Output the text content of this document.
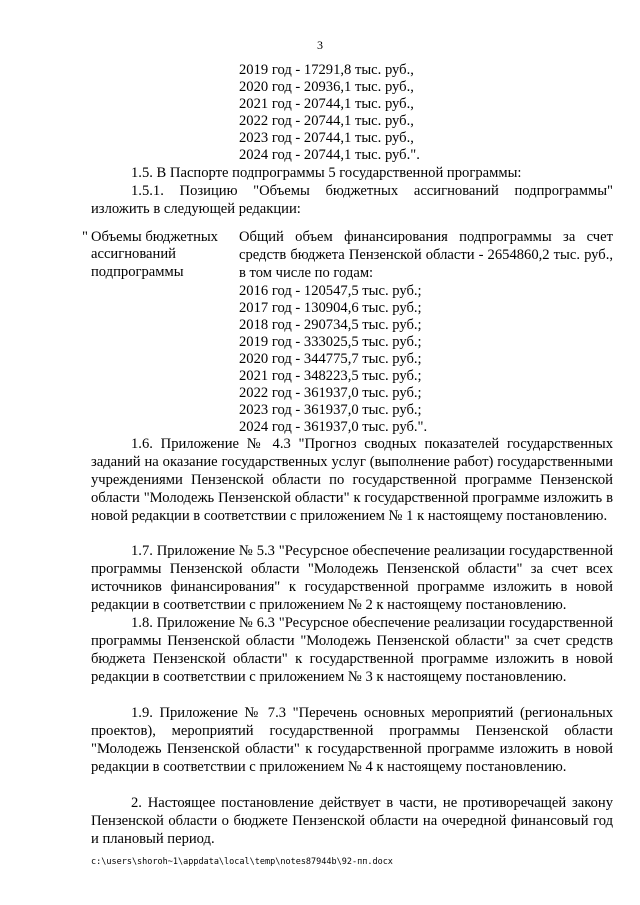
3
2019 год - 17291,8 тыс. руб.,
2020 год - 20936,1 тыс. руб.,
2021 год - 20744,1 тыс. руб.,
2022 год - 20744,1 тыс. руб.,
2023 год - 20744,1 тыс. руб.,
2024 год - 20744,1 тыс. руб.".
1.5. В Паспорте подпрограммы 5 государственной программы:
1.5.1. Позицию "Объемы бюджетных ассигнований подпрограммы" изложить в следующей редакции:
" Объемы бюджетных ассигнований подпрограммы
Общий объем финансирования подпрограммы за счет средств бюджета Пензенской области - 2654860,2 тыс. руб., в том числе по годам:
2016 год - 120547,5 тыс. руб.;
2017 год - 130904,6 тыс. руб.;
2018 год - 290734,5 тыс. руб.;
2019 год - 333025,5 тыс. руб.;
2020 год - 344775,7 тыс. руб.;
2021 год - 348223,5 тыс. руб.;
2022 год - 361937,0 тыс. руб.;
2023 год - 361937,0 тыс. руб.;
2024 год - 361937,0 тыс. руб.".
1.6. Приложение № 4.3 "Прогноз сводных показателей государственных заданий на оказание государственных услуг (выполнение работ) государственными учреждениями Пензенской области по государственной программе Пензенской области "Молодежь Пензенской области" к государственной программе изложить в новой редакции в соответствии с приложением № 1 к настоящему постановлению.
1.7. Приложение № 5.3 "Ресурсное обеспечение реализации государственной программы Пензенской области "Молодежь Пензенской области" за счет всех источников финансирования" к государственной программе изложить в новой редакции в соответствии с приложением № 2 к настоящему постановлению.
1.8. Приложение № 6.3 "Ресурсное обеспечение реализации государственной программы Пензенской области "Молодежь Пензенской области" за счет средств бюджета Пензенской области" к государственной программе изложить в новой редакции в соответствии с приложением № 3 к настоящему постановлению.
1.9. Приложение № 7.3 "Перечень основных мероприятий (региональных проектов), мероприятий государственной программы Пензенской области "Молодежь Пензенской области" к государственной программе изложить в новой редакции в соответствии с приложением № 4 к настоящему постановлению.
2. Настоящее постановление действует в части, не противоречащей закону Пензенской области о бюджете Пензенской области на очередной финансовый год и плановый период.
c:\users\shoroh~1\appdata\local\temp\notes87944b\92-пп.docx
